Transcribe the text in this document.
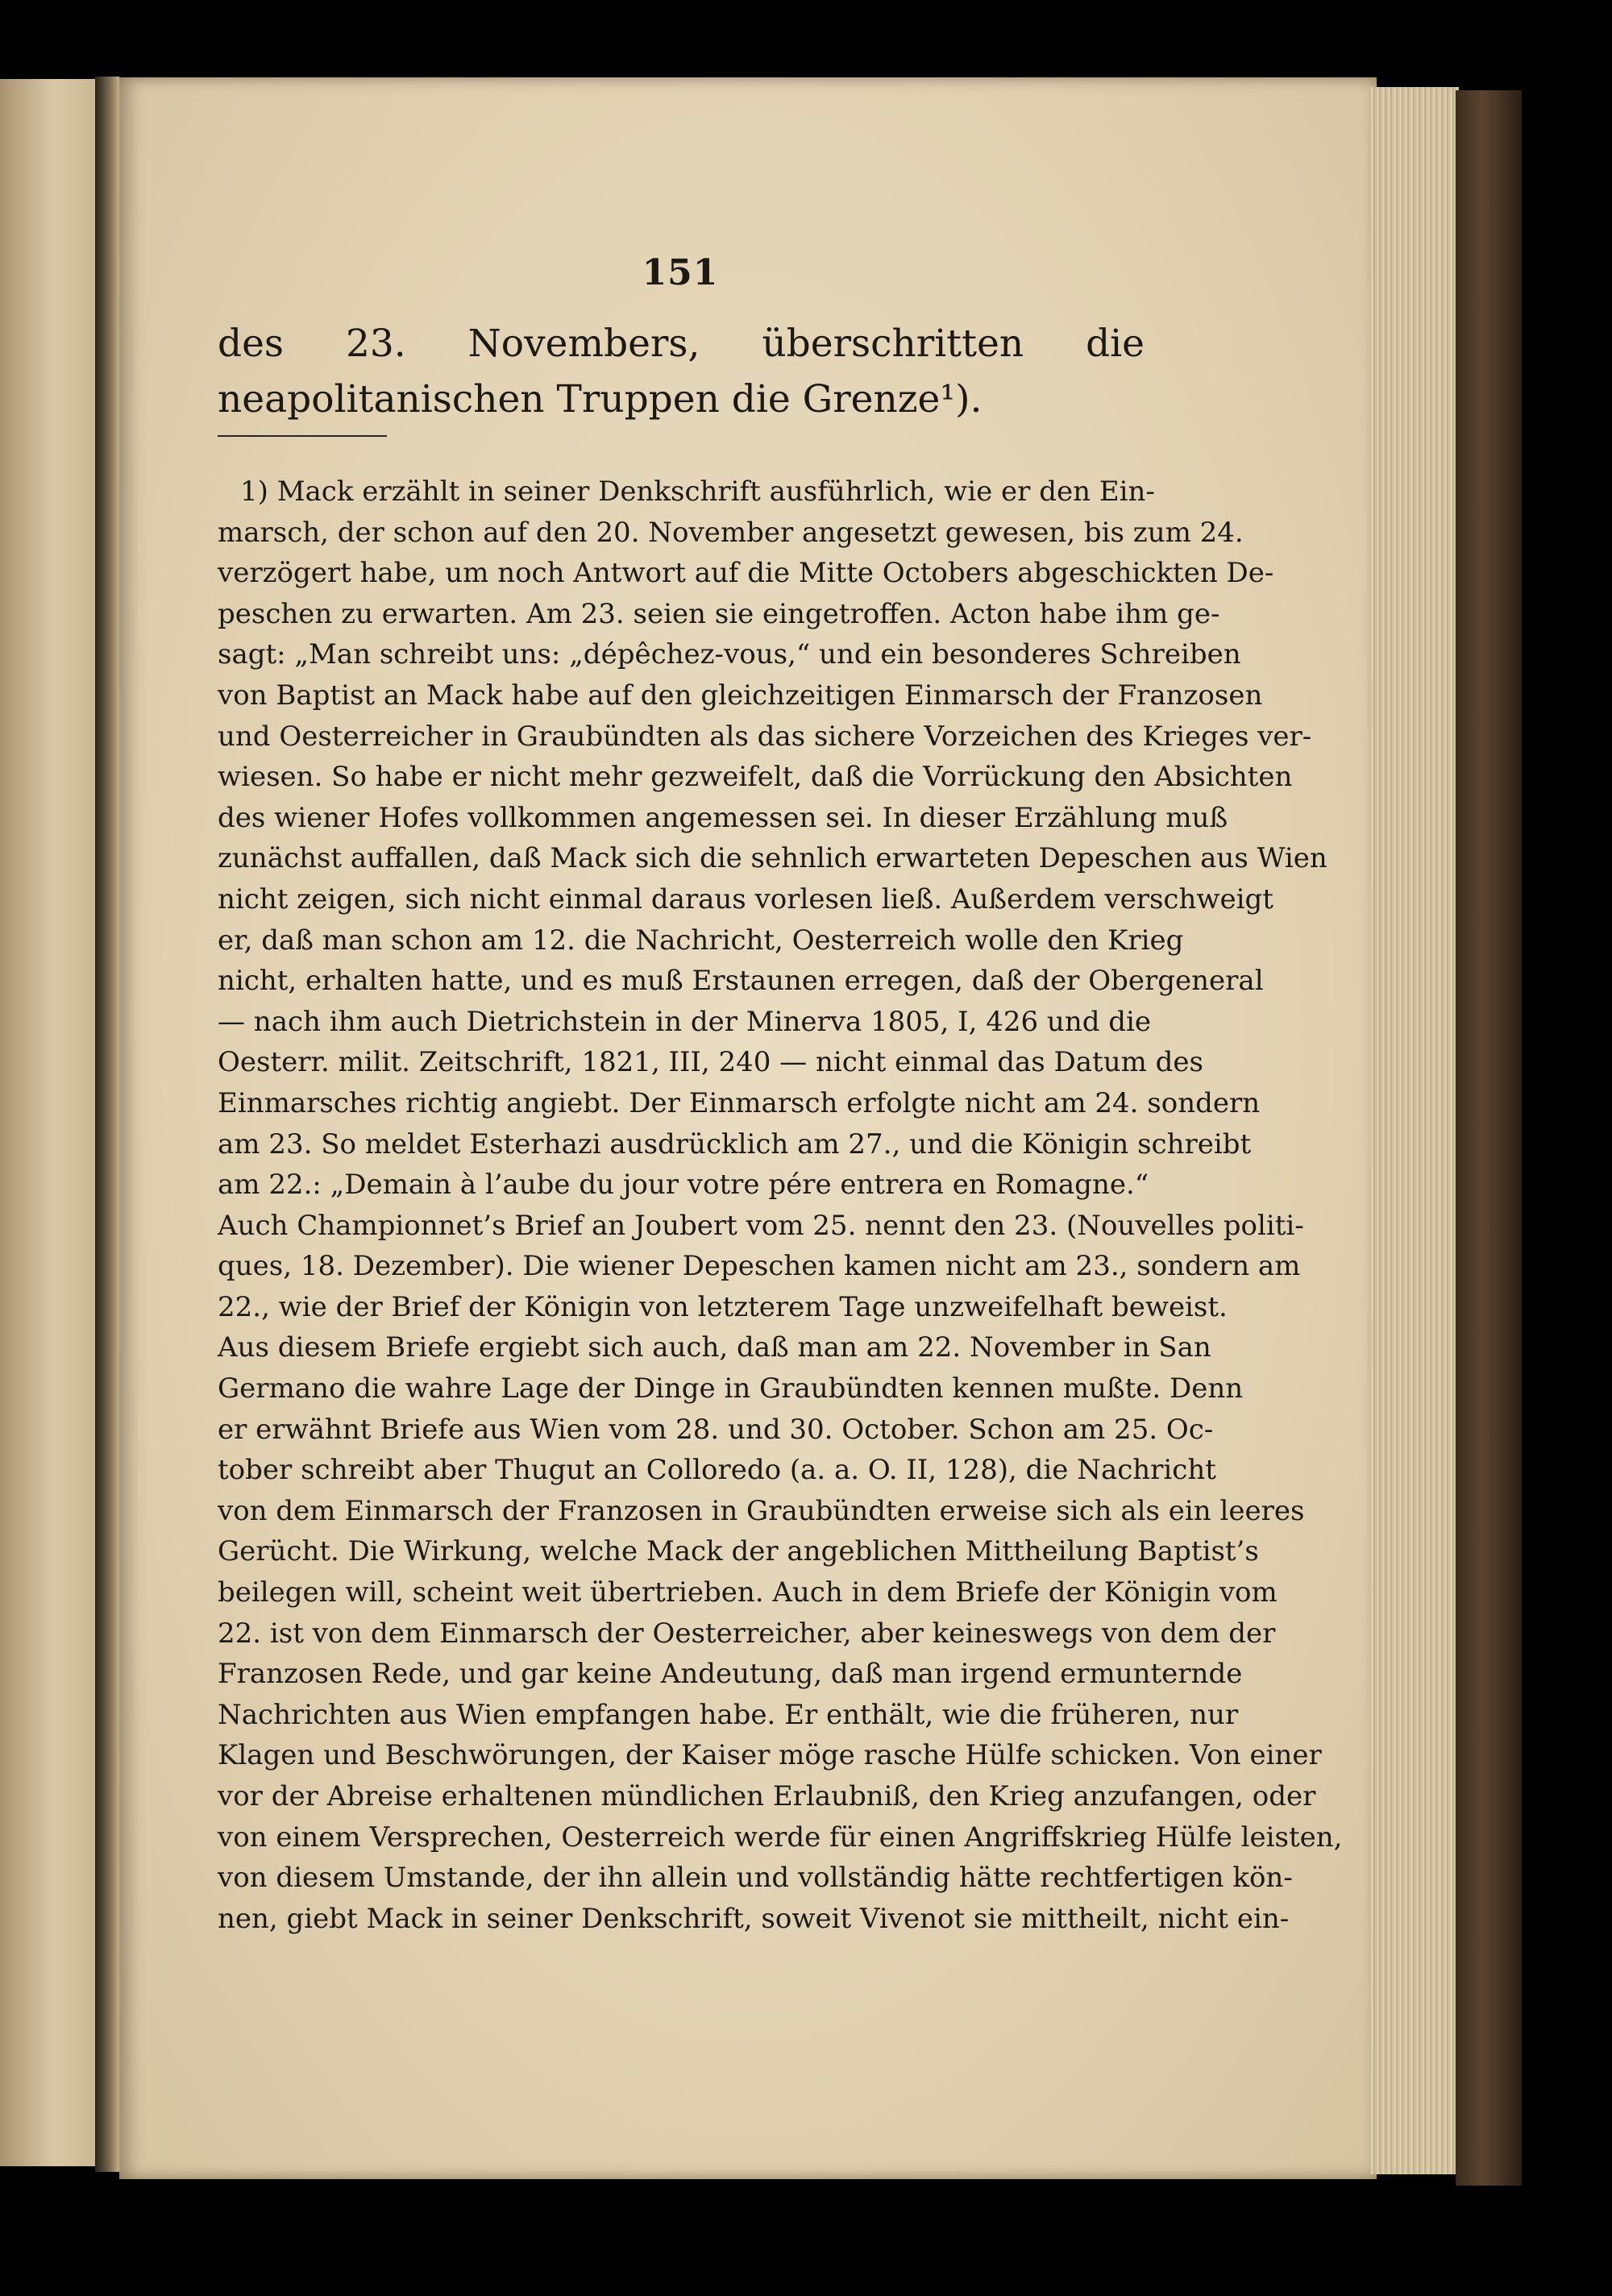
151
des 23. Novembers, überschritten die neapolitanischen Truppen die Grenze¹).
1) Mack erzählt in seiner Denkschrift ausführlich, wie er den Ein-
marsch, der schon auf den 20. November angesetzt gewesen, bis zum 24.
verzögert habe, um noch Antwort auf die Mitte Octobers abgeschickten De-
peschen zu erwarten. Am 23. seien sie eingetroffen. Acton habe ihm ge-
sagt: „Man schreibt uns: „dépêchez-vous,“ und ein besonderes Schreiben
von Baptist an Mack habe auf den gleichzeitigen Einmarsch der Franzosen
und Oesterreicher in Graubündten als das sichere Vorzeichen des Krieges ver-
wiesen. So habe er nicht mehr gezweifelt, daß die Vorrückung den Absichten
des wiener Hofes vollkommen angemessen sei. In dieser Erzählung muß
zunächst auffallen, daß Mack sich die sehnlich erwarteten Depeschen aus Wien
nicht zeigen, sich nicht einmal daraus vorlesen ließ. Außerdem verschweigt
er, daß man schon am 12. die Nachricht, Oesterreich wolle den Krieg
nicht, erhalten hatte, und es muß Erstaunen erregen, daß der Obergeneral
— nach ihm auch Dietrichstein in der Minerva 1805, I, 426 und die
Oesterr. milit. Zeitschrift, 1821, III, 240 — nicht einmal das Datum des
Einmarsches richtig angiebt. Der Einmarsch erfolgte nicht am 24. sondern
am 23. So meldet Esterhazi ausdrücklich am 27., und die Königin schreibt
am 22.: „Demain à l’aube du jour votre pére entrera en Romagne.“
Auch Championnet’s Brief an Joubert vom 25. nennt den 23. (Nouvelles politi-
ques, 18. Dezember). Die wiener Depeschen kamen nicht am 23., sondern am
22., wie der Brief der Königin von letzterem Tage unzweifelhaft beweist.
Aus diesem Briefe ergiebt sich auch, daß man am 22. November in San
Germano die wahre Lage der Dinge in Graubündten kennen mußte. Denn
er erwähnt Briefe aus Wien vom 28. und 30. October. Schon am 25. Oc-
tober schreibt aber Thugut an Colloredo (a. a. O. II, 128), die Nachricht
von dem Einmarsch der Franzosen in Graubündten erweise sich als ein leeres
Gerücht. Die Wirkung, welche Mack der angeblichen Mittheilung Baptist’s
beilegen will, scheint weit übertrieben. Auch in dem Briefe der Königin vom
22. ist von dem Einmarsch der Oesterreicher, aber keineswegs von dem der
Franzosen Rede, und gar keine Andeutung, daß man irgend ermunternde
Nachrichten aus Wien empfangen habe. Er enthält, wie die früheren, nur
Klagen und Beschwörungen, der Kaiser möge rasche Hülfe schicken. Von einer
vor der Abreise erhaltenen mündlichen Erlaubniß, den Krieg anzufangen, oder
von einem Versprechen, Oesterreich werde für einen Angriffskrieg Hülfe leisten,
von diesem Umstande, der ihn allein und vollständig hätte rechtfertigen kön-
nen, giebt Mack in seiner Denkschrift, soweit Vivenot sie mittheilt, nicht ein-
